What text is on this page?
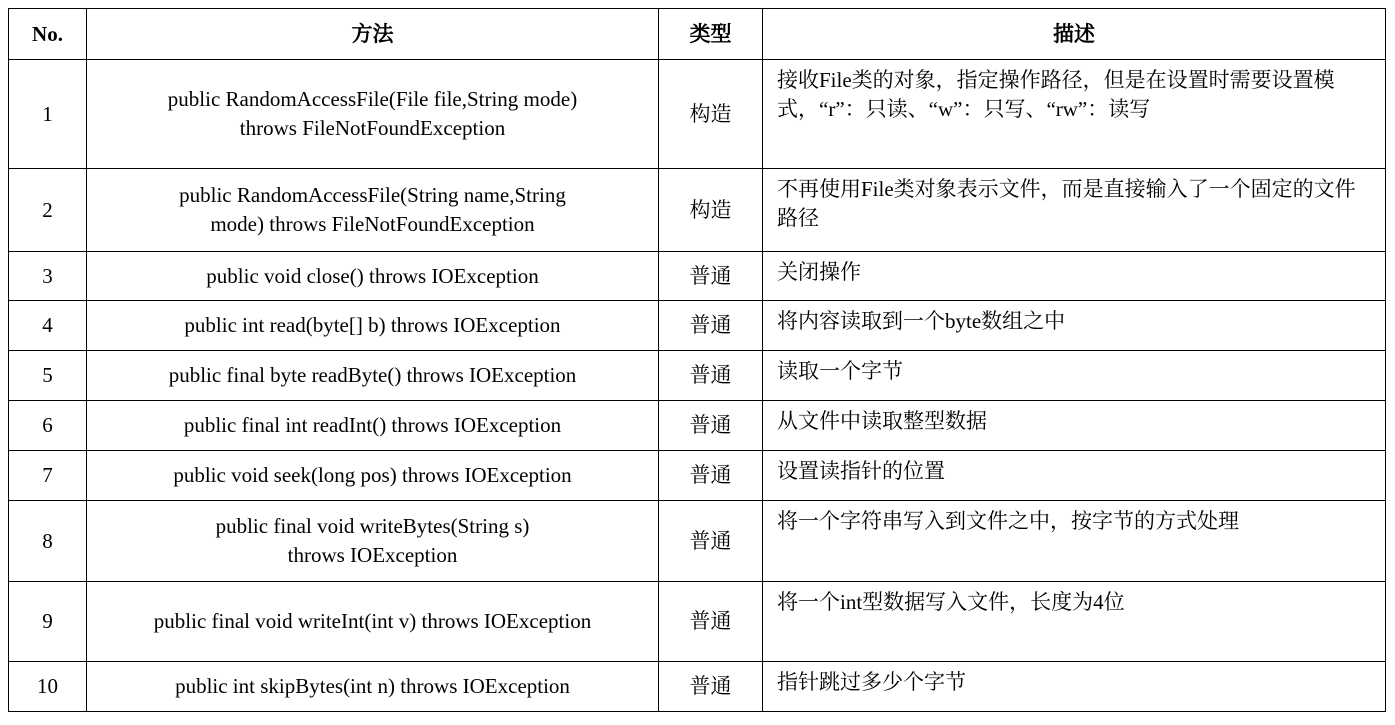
No.	方法	类型	描述
1	public RandomAccessFile(File file,String mode) throws FileNotFoundException	构造	接收File类的对象，指定操作路径，但是在设置时需要设置模式，“r”：只读、“w”：只写、“rw”：读写
2	public RandomAccessFile(String name,String mode) throws FileNotFoundException	构造	不再使用File类对象表示文件，而是直接输入了一个固定的文件路径
3	public void close() throws IOException	普通	关闭操作
4	public int read(byte[] b) throws IOException	普通	将内容读取到一个byte数组之中
5	public final byte readByte() throws IOException	普通	读取一个字节
6	public final int readInt() throws IOException	普通	从文件中读取整型数据
7	public void seek(long pos) throws IOException	普通	设置读指针的位置
8	public final void writeBytes(String s) throws IOException	普通	将一个字符串写入到文件之中，按字节的方式处理
9	public final void writeInt(int v) throws IOException	普通	将一个int型数据写入文件，长度为4位
10	public int skipBytes(int n) throws IOException	普通	指针跳过多少个字节
